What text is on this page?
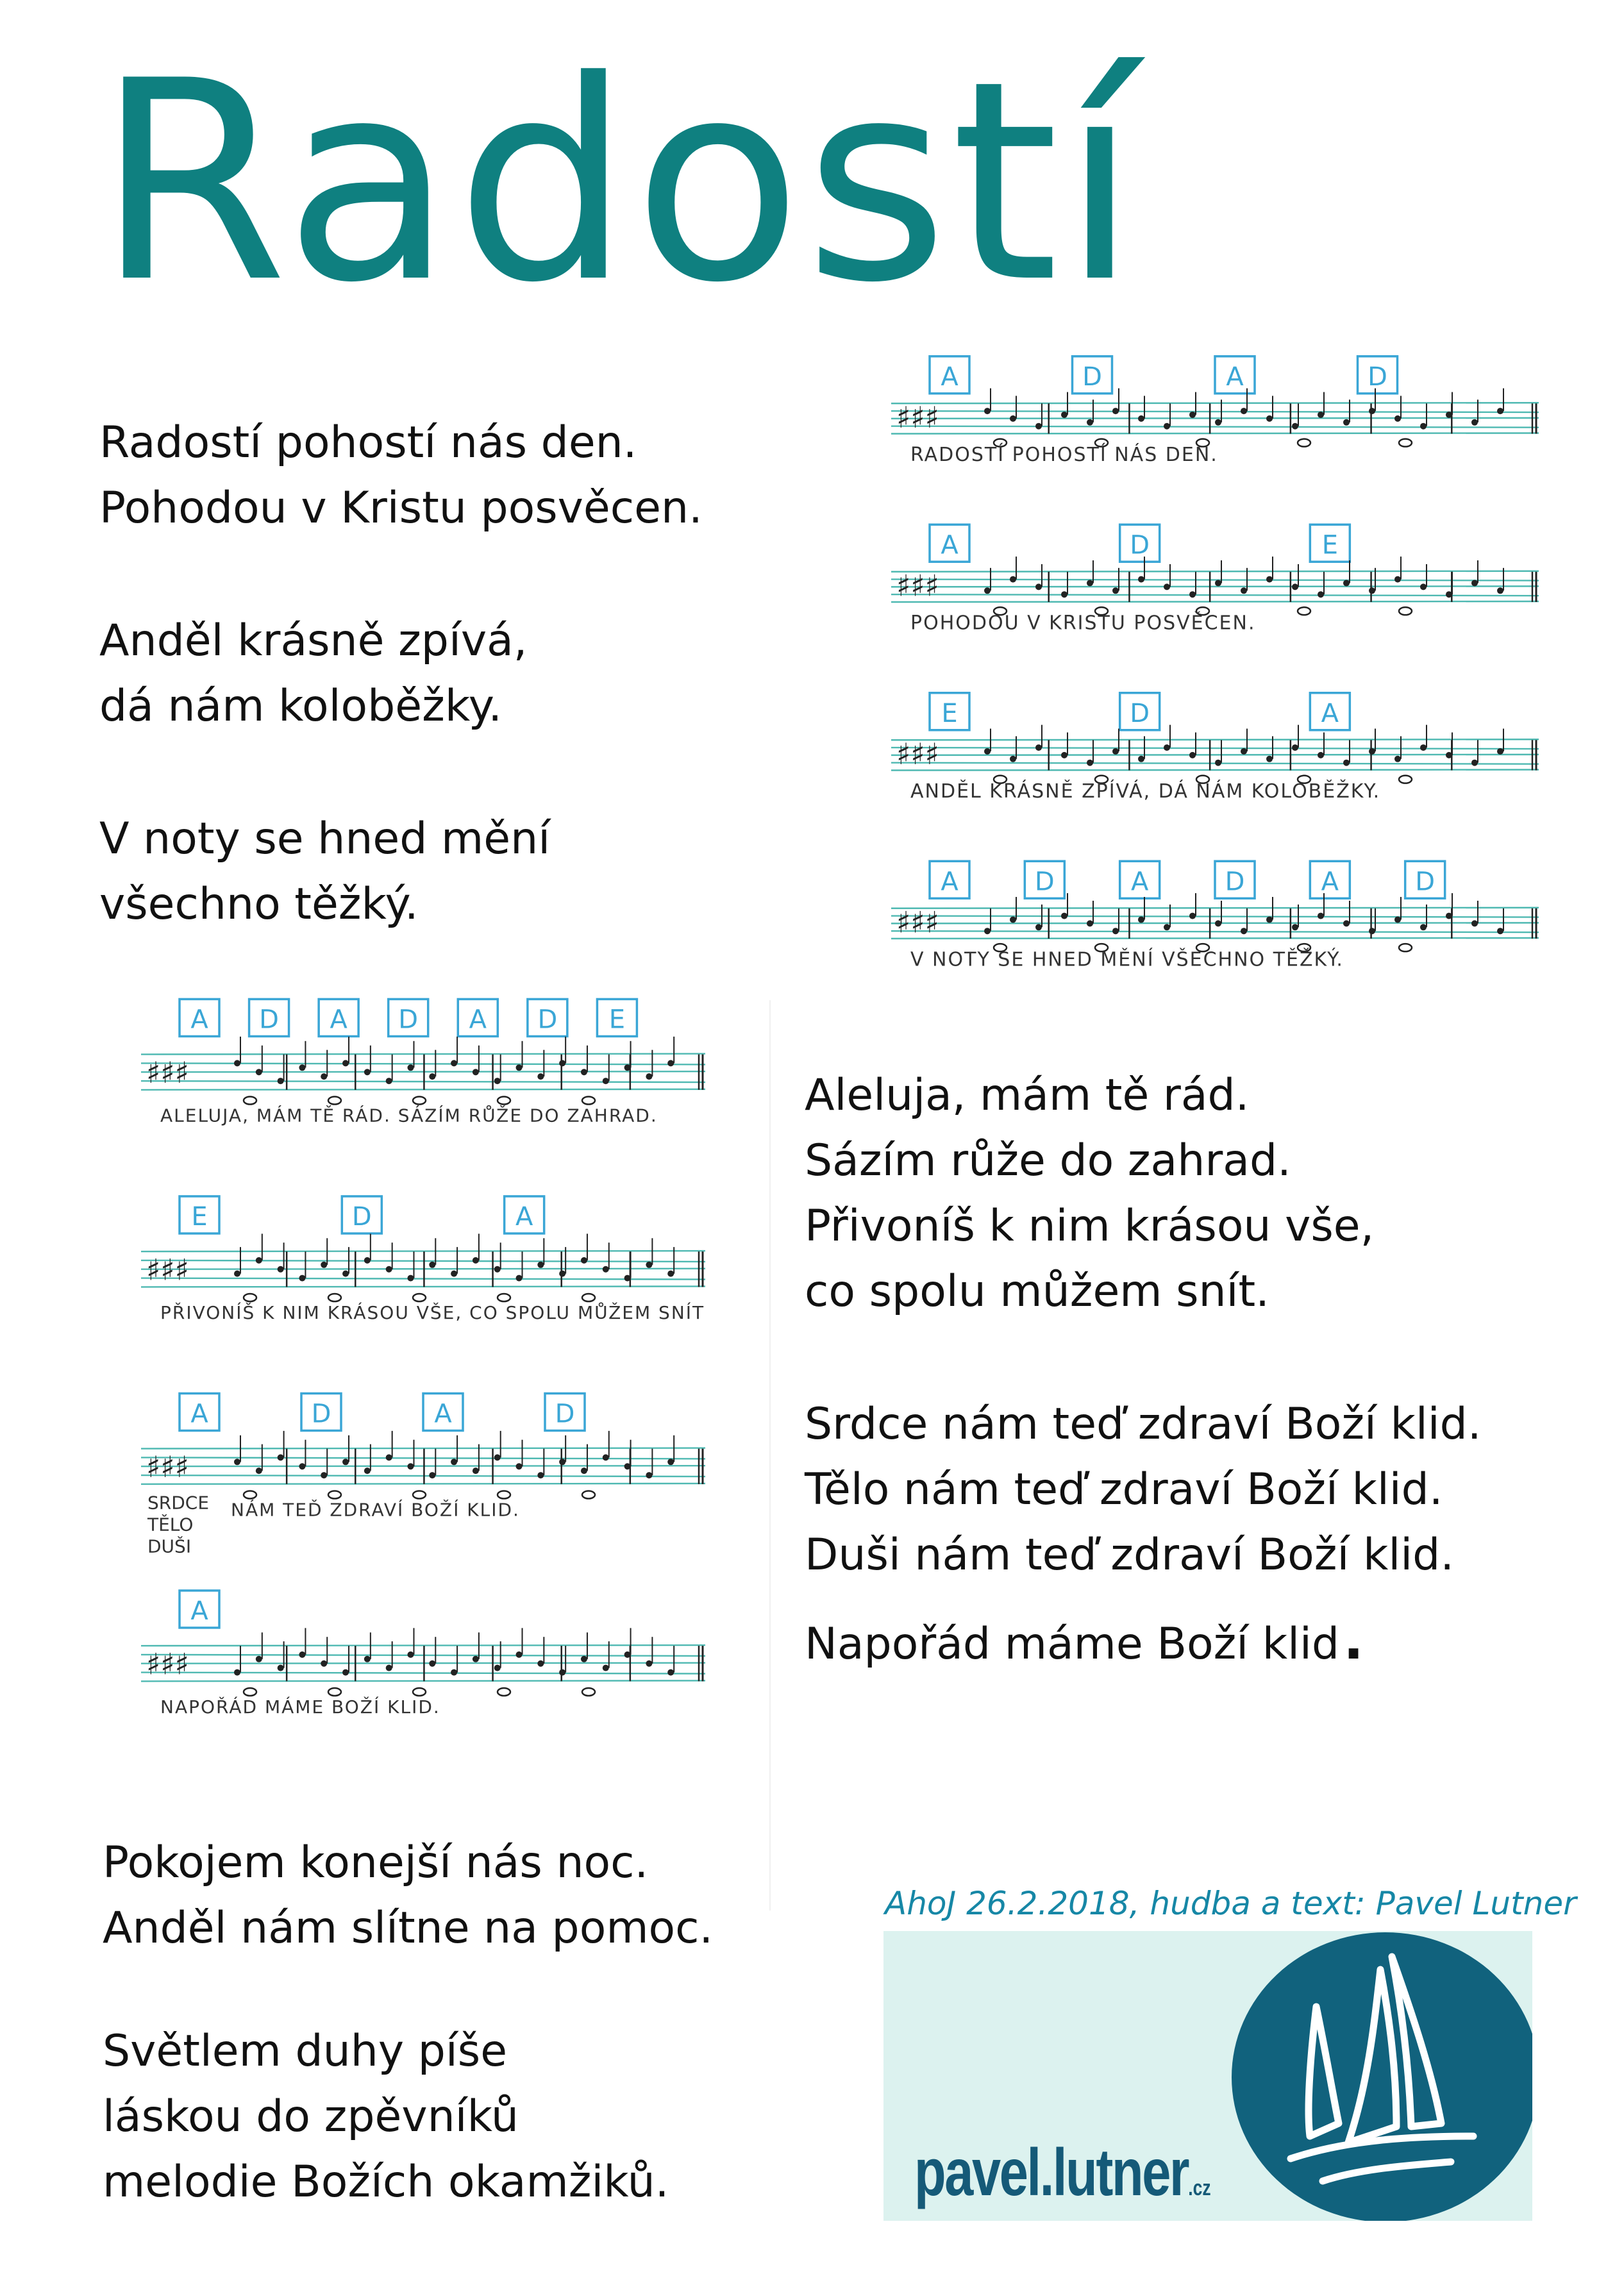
Radostí
Radostí pohostí nás den.
Pohodou v Kristu posvěcen.
Anděl krásně zpívá,
dá nám koloběžky.
V noty se hned mění
všechno těžký.
Aleluja, mám tě rád.
Sázím růže do zahrad.
Přivoníš k nim krásou vše,
co spolu můžem snít.
Srdce nám teď zdraví Boží klid.
Tělo nám teď zdraví Boží klid.
Duši nám teď zdraví Boží klid.
Napořád máme Boží klid.
Pokojem konejší nás noc.
Anděl nám slítne na pomoc.
Světlem duhy píše
láskou do zpěvníků
melodie Božích okamžiků.
A	D	A	D
♯♯♯
RADOSTÍ POHOSTÍ NÁS DEN.
A	D	E
♯♯♯
POHODOU V KRISTU POSVĚCEN.
E	D	A
♯♯♯
ANDĚL KRÁSNĚ ZPÍVÁ, DÁ NÁM KOLOBĚŽKY.
A	D	A	D	A	D
♯♯♯
V NOTY SE HNED MĚNÍ VŠECHNO TĚŽKÝ.
A D A D A D E
♯♯♯
ALELUJA, MÁM TĚ RÁD. SÁZÍM RŮŽE DO ZAHRAD.
E	D	A
♯♯♯
PŘIVONÍŠ K NIM KRÁSOU VŠE, CO SPOLU MŮŽEM SNÍT
A	D	A	D
♯♯♯
SRDCE
TĚLO
DUŠI
NÁM TEĎ ZDRAVÍ BOŽÍ KLID.
A
♯♯♯
NAPOŘÁD MÁME BOŽÍ KLID.
AhoJ 26.2.2018, hudba a text: Pavel Lutner
pavel.lutner.cz
